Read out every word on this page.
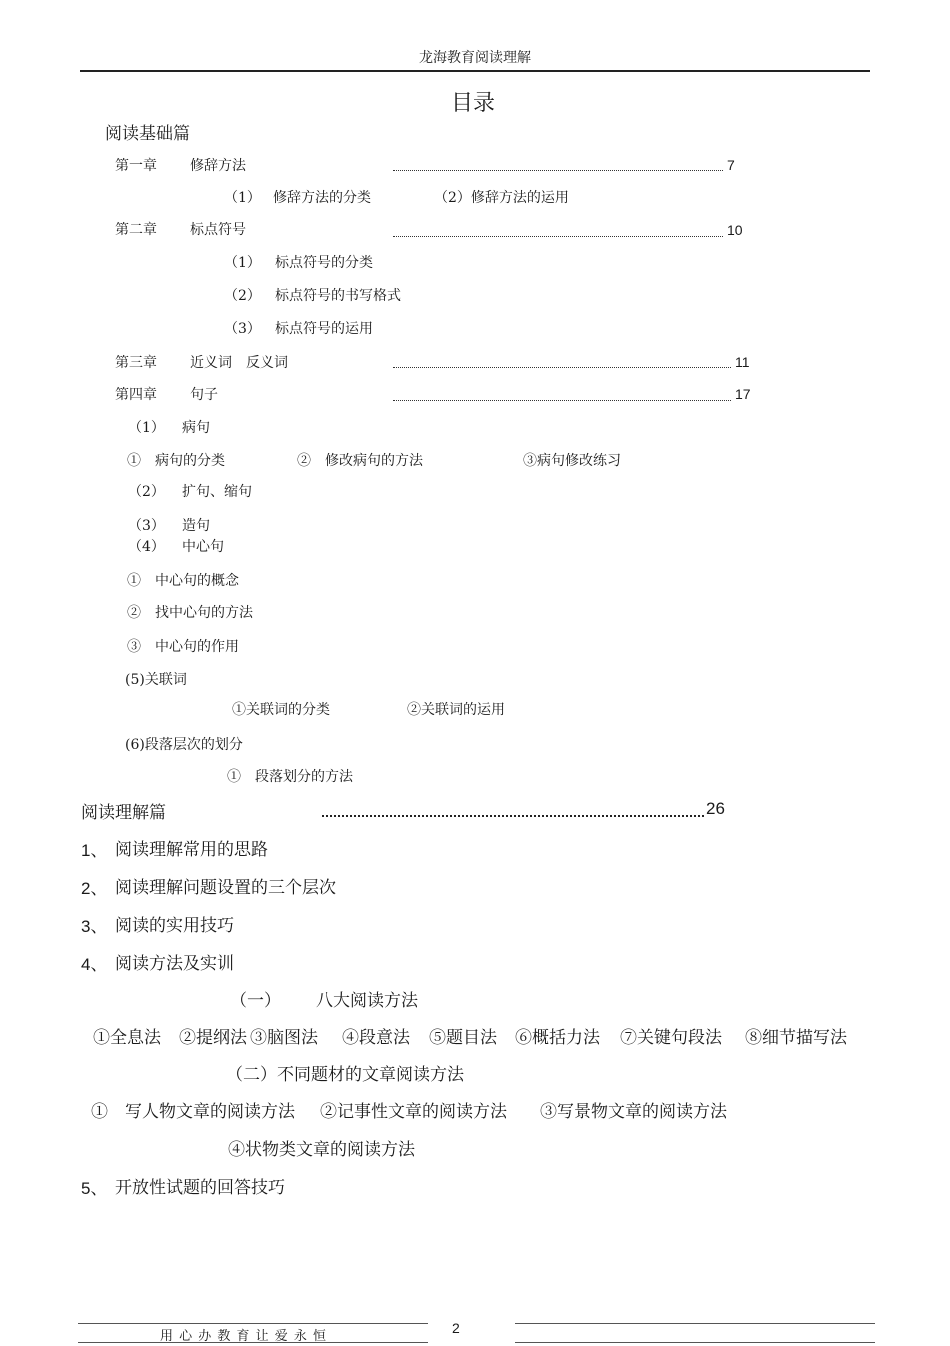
龙海教育阅读理解
目录
阅读基础篇
第一章 修辞方法	7
（1） 修辞方法的分类	（2）修辞方法的运用
第二章 标点符号	10
（1） 标点符号的分类
（2） 标点符号的书写格式
（3） 标点符号的运用
第三章 近义词　反义词	11
第四章 句子	17
（1） 病句
①　病句的分类	②　修改病句的方法	③病句修改练习
（2） 扩句、缩句
（3） 造句
（4） 中心句
①　中心句的概念
②　找中心句的方法
③　中心句的作用
(5)关联词
①关联词的分类	②关联词的运用
(6)段落层次的划分
①　段落划分的方法
阅读理解篇	26
1、 阅读理解常用的思路
2、 阅读理解问题设置的三个层次
3、 阅读的实用技巧
4、 阅读方法及实训
（一） 八大阅读方法
①全息法 ②提纲法 ③脑图法 ④段意法 ⑤题目法 ⑥概括力法 ⑦关键句段法 ⑧细节描写法
（二）不同题材的文章阅读方法
①　写人物文章的阅读方法 ②记事性文章的阅读方法 ③写景物文章的阅读方法
④状物类文章的阅读方法
5、 开放性试题的回答技巧
用 心 办 教 育 让 爱 永 恒
2
